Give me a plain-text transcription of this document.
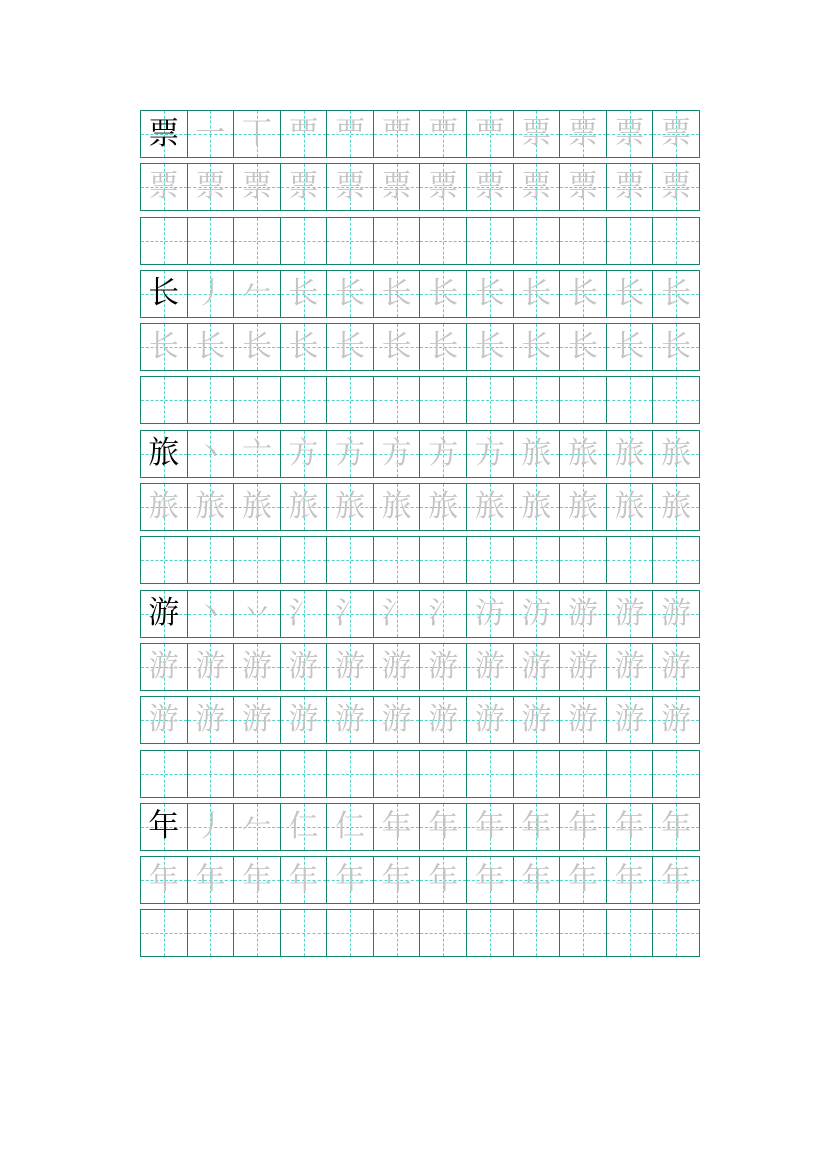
票 一 丅 覀 覀 覀 覀 覀 票 票 票 票
票 票 票 票 票 票 票 票 票 票 票 票
长 丿 𠂉 长 长 长 长 长 长 长 长 长
长 长 长 长 长 长 长 长 长 长 长 长
旅 丶 亠 方 方 方 方 方 旅 旅 旅 旅
旅 旅 旅 旅 旅 旅 旅 旅 旅 旅 旅 旅
游 丶 丷 氵 氵 氵 氵 汸 汸 游 游 游
游 游 游 游 游 游 游 游 游 游 游 游
游 游 游 游 游 游 游 游 游 游 游 游
年 丿 𠂉 仁 仁 年 年 年 年 年 年 年
年 年 年 年 年 年 年 年 年 年 年 年
